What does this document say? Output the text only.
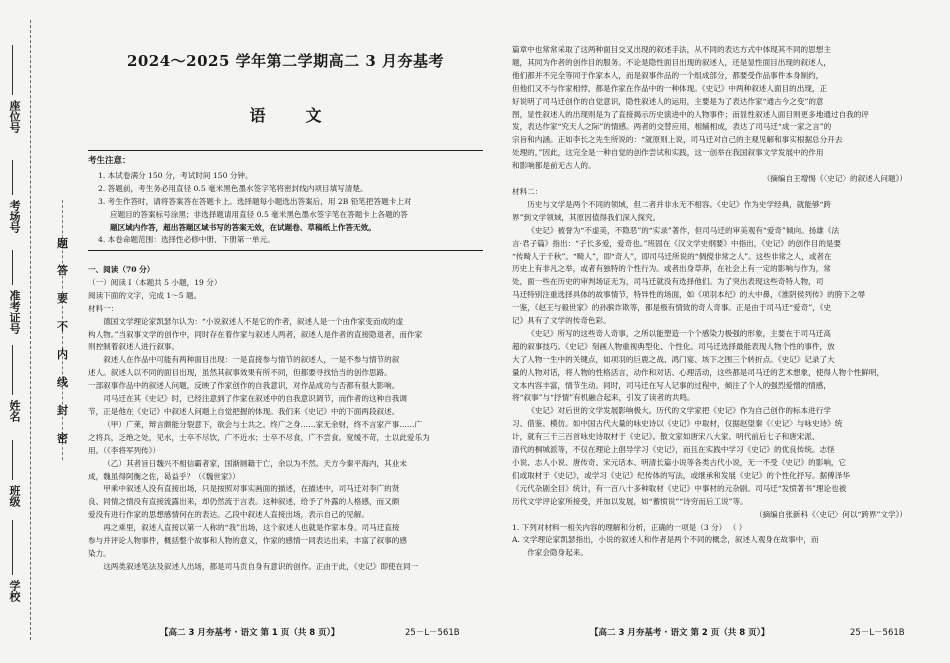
学校
班级
姓名
准考证号
考场号
座位号
题
答
要
不
内
线
封
密
2024～2025 学年第二学期高二 3 月夯基考
语文
考生注意：

1. 本试卷满分 150 分，考试时间 150 分钟。

2. 答题前，考生务必用直径 0.5 毫米黑色墨水签字笔将密封线内项目填写清楚。

3. 考生作答时，请将答案答在答题卡上。选择题每小题选出答案后，用 2B 铅笔把答题卡上对

应题目的答案标号涂黑；非选择题请用直径 0.5 毫米黑色墨水签字笔在答题卡上各题的答

题区域内作答，超出答题区域书写的答案无效，在试题卷、草稿纸上作答无效。

4. 本卷命题范围：选择性必修中册、下册第一单元。

一、阅读（70 分）

（一）阅读 Ⅰ（本题共 5 小题，19 分）

阅读下面的文字，完成 1～5 题。

材料一：

德国文学理论家凯瑟尔认为：“小说叙述人不是它的作者，叙述人是一个由作家变而成的虚

构人物。”当叙事文学的创作中，同时存在着作家与叙述人两者，叙述人是作者的直接隐退者，而作家

则控制着叙述人进行叙事。

叙述人在作品中可能有两种面目出现：一是直接参与情节的叙述人，一是不参与情节的叙

述人。叙述人以不同的面目出现，虽然其叙事效果有所不同，但都要寻找恰当的创作思路。

一部叙事作品中的叙述人问题，反映了作家创作的自我意识，对作品成功与否都有很大影响。

司马迁在其《史记》时，已经注意到了作家在叙述中的自我意识调节，而作者的这种自我调

节，正是他在《史记》中叙述人问题上自觉把握的体现。我们来《史记》中的下面两段叙述。

（甲）广莱，辩言颇能分裂意下，欲会与士共之。终广之身……家无余财，终不言家产事……广

之将兵，乏绝之处，见水，士卒不尽饮，广不近水；士卒不尽食，广不尝食。宽缓不苛，士以此爱乐为

用。（《李将军列传》）

（乙）其者旨日魏兴不相信霸者家，国渐厕籍于亡，余以为不然。天方今秦平海内，其业未

成，魏虽得阿衡之佐，曷益乎？（《魏世家》）

甲乘中叙述人没有直接出场，只是按照对事实画面的描述，在描述中，司马迁对李广的贤

良、同情之情没有直接流露出来，却仍然流于言表。这种叙述，给予了外露的人格感，而又颇

爱没有进行作家的思想感情何在的表达。乙段中叙述人直接出场，表示自己的见解。

再之乘里，叙述人直接以第一人称的“我”出场，这个叙述人也就是作家本身。司马迁直接

参与并评论人物事件，概括整个故事和人物的意义，作家的感情一同表达出来，丰富了叙事的感

染力。

这两类叙述笔法及叙述人出场，都是司马贡自身有意识的创作。正由于此，《史记》即使在同一

篇章中也常常采取了这两种面目交叉出现的叙述手法，从不同的表达方式中体现其不同的思想主

题，其同为作者的创作目的服务。不论是隐性面目出现的叙述人，还是显性面目出现的叙述人，

他们都并不完全等同于作家本人，而是叙事作品的一个组成部分，都要受作品事件本身制约，

但他们又不与作家相悖，都是作家在作品中的一种体现。《史记》中两种叙述人面目的出现，正

好说明了司马迁创作的自觉意识，隐性叙述人的运用，主要是为了表达作家“通古今之变”的意

图，显性叙述人的出现则是为了直接揭示历史演进中的人物事件；而显性叙述人面目则更多地通过自我的评

发，表达作家“究天人之际”的情感。两者的交替应用，相辅相成，表达了司马迁“成一家之言”的

宗旨和内涵。正如李长之先生所说的：“就原则上说，司马迁对自己的主观见解和事实根据总分开去

处理的，”因此，这完全是一种自觉的创作尝试和实践，这一创举在我国叙事文学发展中的作用

和影响都是前无古人的。

（摘编自王增惕《〈史记〉的叙述人问题》）

材料二：

历史与文学是两个不同的领域，但二者并非永无不相容。《史记》作为史学经典，就能够“跨

界”到文学领域，其原因值得我们深入探究。

《史记》被誉为“不虚美，不隐恶”的“实录”著作，但司马迁的审美观有“爱奇”倾向。扬雄《法

言·君子篇》指出：“子长多爱，爱奇也。”班固在《汉文学史纲要》中指出，《史记》的创作目的是要

“传畸人于千秋”。“畸人”，即“奇人”，即司马迁所说的“倜傥非常之人”。这些非常之人，或者在

历史上有非凡之举，或者有独特的个性行为。或者出身草莽，在社会上有一定的影响与作为，常

处，面一些在历史的审判场证无为，司马迁就没有选择他们。为了突出表现这些奇特人物，司

马迁特别注重选择具体的故事情节，特异性的场面，如《项羽本纪》的大中鼻，《淮阴侯列传》的胯下之辱

一鉴，《赵王与毅世家》的孙膑诈欺等，都是极有情致的奇人奇事。正是由于司马迁“爱奇”，《史

记》具有了文学的传奇色彩。

《史记》所写的这些奇人奇事，之所以能塑造一个个感染力极强的形象，主要在于司马迁高

超的叙事技巧。《史记》刻画人物重视典型化、个性化。司马迁选择最能表现人物个性的事件，放

大了人物一生中的关键点，如项羽的巨鹿之战、鸿门宴、垓下之围三个转折点。《史记》记录了大

量的人物对话，将人物的性格活言，动作和对话、心理活动，这些都是司马迁的艺术想象，使得人物个性鲜明，

文本内容丰富，情节生动。同时，司马迁在写人记事的过程中，倾注了个人的强烈爱憎的情感，

将“叙事”与“抒情”有机融合起来，引发了读者的共鸣。

《史记》对后世的文学发展影响极大。历代的文学家把《史记》作为自己创作的标本进行学

习、借鉴、模仿。如中国古代大量的咏史诗以《史记》中取材，仅据赵望秦《〈史记〉与咏史诗》统

计，就有三千三百首咏史诗取材于《史记》。散文家如唐宋八大家、明代前后七子和唐宋派、

清代的桐城派等，不仅在理论上倡导学习《史记》，而且在实践中学习《史记》的优良传统。志怪

小说、志人小说、唐传奇、宋元话本、明清长篇小说等各类古代小说，无一不受《史记》的影响，它

们或取材于《史记》，或学习《史记》纪传体的写法，或继承和发展《史记》的个性化抒写。据傅泽华

《元代杂剧全目》统计，有一百八十多种取材《史记》中事材的元杂剧。司马迁“发愤著书”理论也被

历代文学评论家所接受，并加以发展，如“蓄愤说”“诗穷而后工说”等。

（摘编自张新科《〈史记〉何以“跨界”文学》）

1. 下列对材料一相关内容的理解和分析，正确的一项是（3 分） （ ）

A. 文学理论家凯瑟指出，小说的叙述人和作者是两个不同的概念，叙述人观身在故事中，而

作家会隐身起来。

【高二 3 月夯基考 · 语文 第 1 页（共 8 页）】	25－L－561B	【高二 3 月夯基考 · 语文 第 2 页（共 8 页）】	25－L－561B
